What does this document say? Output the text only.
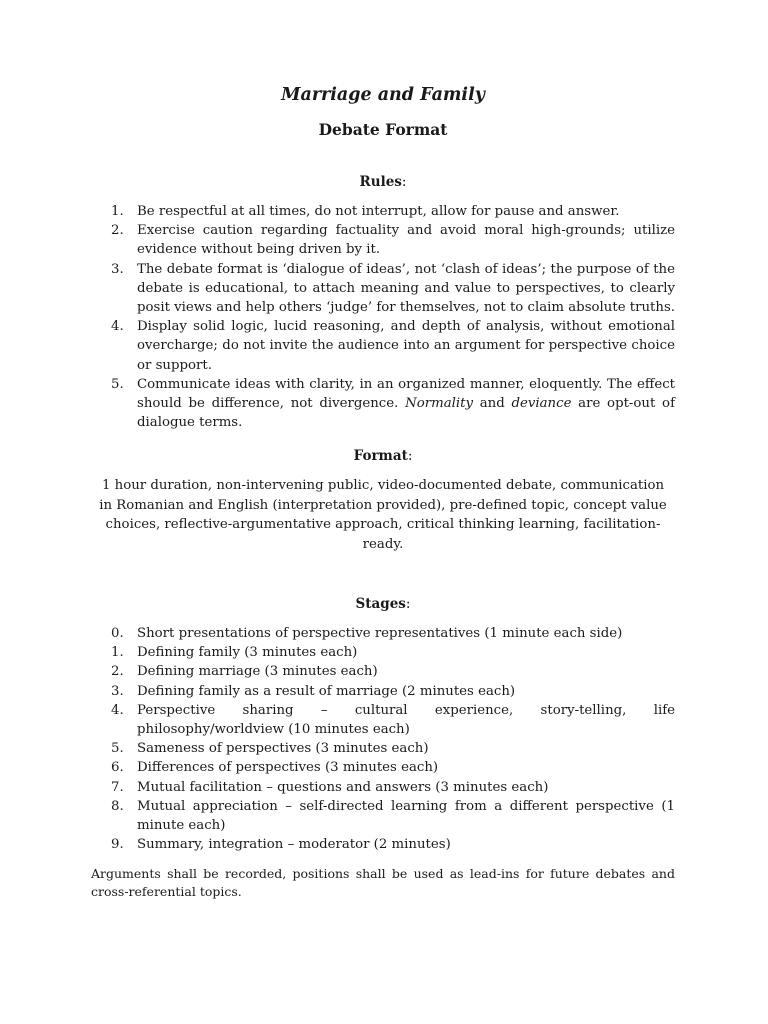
Marriage and Family
Debate Format
Rules:
1. Be respectful at all times, do not interrupt, allow for pause and answer.
2. Exercise caution regarding factuality and avoid moral high-grounds; utilize evidence without being driven by it.
3. The debate format is ‘dialogue of ideas’, not ‘clash of ideas’; the purpose of the debate is educational, to attach meaning and value to perspectives, to clearly posit views and help others ‘judge’ for themselves, not to claim absolute truths.
4. Display solid logic, lucid reasoning, and depth of analysis, without emotional overcharge; do not invite the audience into an argument for perspective choice or support.
5. Communicate ideas with clarity, in an organized manner, eloquently. The effect should be difference, not divergence. Normality and deviance are opt-out of dialogue terms.
Format:

1 hour duration, non-intervening public, video-documented debate, communication in Romanian and English (interpretation provided), pre-defined topic, concept value choices, reflective-argumentative approach, critical thinking learning, facilitation-ready.

Stages:
0. Short presentations of perspective representatives (1 minute each side)
1. Defining family (3 minutes each)
2. Defining marriage (3 minutes each)
3. Defining family as a result of marriage (2 minutes each)
4. Perspective sharing – cultural experience, story-telling, life philosophy/worldview (10 minutes each)
5. Sameness of perspectives (3 minutes each)
6. Differences of perspectives (3 minutes each)
7. Mutual facilitation – questions and answers (3 minutes each)
8. Mutual appreciation – self-directed learning from a different perspective (1 minute each)
9. Summary, integration – moderator (2 minutes)

Arguments shall be recorded, positions shall be used as lead-ins for future debates and cross-referential topics.
